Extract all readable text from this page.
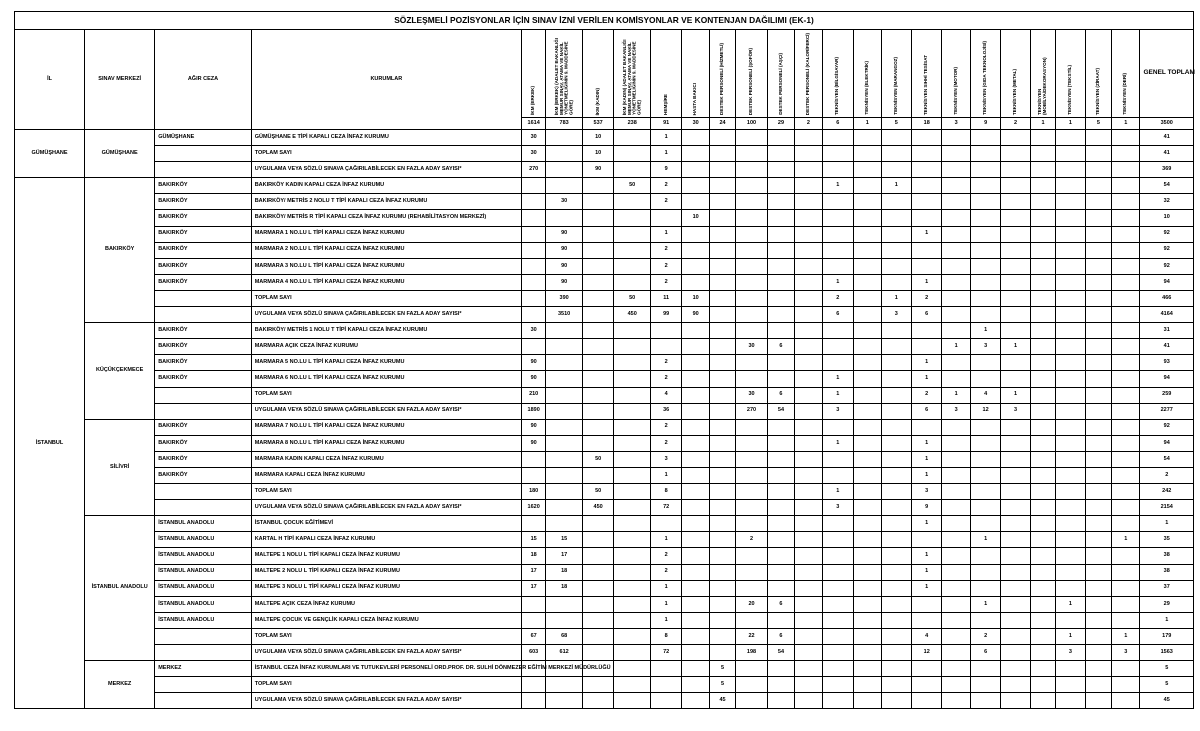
SÖZLEŞMELİ POZİSYONLAR İÇİN SINAV İZNİ VERİLEN KOMİSYONLAR VE KONTENJAN DAĞILIMI (EK-1)																									
İL	SINAV MERKEZİ	AĞIR CEZA	KURUMLAR	İKM (ERKEK)	İKM (ERKEK) (ADALET BAKANLIĞI MEMUR SINAV, ATAMA VE NAKİL YÖNETMELİĞİNİN 9. MADDESİNE GÖRE)	İKM (KADIN)	İKM (KADIN) (ADALET BAKANLIĞI MEMUR SINAV, ATAMA VE NAKİL YÖNETMELİĞİNİN 9. MADDESİNE GÖRE)	HEMŞİRE	HASTA BAKICI	DESTEK PERSONELİ (HİZMETLİ)	DESTEK PERSONELİ (ŞOFÖR)	DESTEK PERSONELİ (AŞÇI)	DESTEK PERSONELİ (KALORİFERCİ)	TEKNİSYEN (BİLGİSAYAR)	TEKNİSYEN (ELEKTRİK)	TEKNİSYEN (MARANGOZ)	TEKNİSYEN SIHHİ TESİSAT	TEKNİSYEN (MOTOR)	TEKNİSYEN (GIDA TEKNOLOJİSİ)	TEKNİSYEN (METAL)	TEKNİSYEN (MOBİLYA/DEKORASYON)	TEKNİSYEN (TEKSTİL)	TEKNİSYEN (ZİRAAT)	TEKNİSYEN (DERİ)	GENEL TOPLAM
				1614	783	537	238	91	30	24	100	29	2	6	1	5	18	3	9	2	1	1	5	1	3500
GÜMÜŞHANE	GÜMÜŞHANE	GÜMÜŞHANE	GÜMÜŞHANE E TİPİ KAPALI CEZA İNFAZ KURUMU	30		10		1																	41
			TOPLAM SAYI	30		10		1																	41
			UYGULAMA VEYA SÖZLÜ SINAVA ÇAĞIRILABİLECEK EN FAZLA ADAY SAYISI*	270		90		9																	369
İSTANBUL	BAKIRKÖY	BAKIRKÖY	BAKIRKÖY KADIN KAPALI CEZA İNFAZ KURUMU				50	2						1		1									54
		BAKIRKÖY	BAKIRKÖY/ METRİS 2 NOLU T TİPİ KAPALI CEZA İNFAZ KURUMU		30			2																	32
		BAKIRKÖY	BAKIRKÖY/ METRİS R TİPİ KAPALI CEZA İNFAZ KURUMU (REHABİLİTASYON MERKEZİ)						10																10
		BAKIRKÖY	MARMARA 1 NO.LU L TİPİ KAPALI CEZA İNFAZ KURUMU		90			1									1								92
		BAKIRKÖY	MARMARA 2 NO.LU L TİPİ KAPALI CEZA İNFAZ KURUMU		90			2																	92
		BAKIRKÖY	MARMARA 3 NO.LU L TİPİ KAPALI CEZA İNFAZ KURUMU		90			2																	92
		BAKIRKÖY	MARMARA 4 NO.LU L TİPİ KAPALI CEZA İNFAZ KURUMU		90			2						1			1								94
			TOPLAM SAYI		390		50	11	10					2		1	2								466
			UYGULAMA VEYA SÖZLÜ SINAVA ÇAĞIRILABİLECEK EN FAZLA ADAY SAYISI*		3510		450	99	90					6		3	6								4164
	KÜÇÜKÇEKMECE	BAKIRKÖY	BAKIRKÖY/ METRİS 1 NOLU T TİPİ KAPALI CEZA İNFAZ KURUMU	30															1						31
		BAKIRKÖY	MARMARA AÇIK CEZA İNFAZ KURUMU								30	6						1	3	1					41
		BAKIRKÖY	MARMARA 5 NO.LU L TİPİ KAPALI CEZA İNFAZ KURUMU	90				2									1								93
		BAKIRKÖY	MARMARA 6 NO.LU L TİPİ KAPALI CEZA İNFAZ KURUMU	90				2						1			1								94
			TOPLAM SAYI	210				4			30	6		1			2	1	4	1					259
			UYGULAMA VEYA SÖZLÜ SINAVA ÇAĞIRILABİLECEK EN FAZLA ADAY SAYISI*	1890				36			270	54		3			6	3	12	3					2277
	SİLİVRİ	BAKIRKÖY	MARMARA 7 NO.LU L TİPİ KAPALI CEZA İNFAZ KURUMU	90				2																	92
		BAKIRKÖY	MARMARA 8 NO.LU L TİPİ KAPALI CEZA İNFAZ KURUMU	90				2						1			1								94
		BAKIRKÖY	MARMARA KADIN KAPALI CEZA İNFAZ KURUMU			50		3									1								54
		BAKIRKÖY	MARMARA KAPALI CEZA İNFAZ KURUMU					1									1								2
			TOPLAM SAYI	180		50		8						1			3								242
			UYGULAMA VEYA SÖZLÜ SINAVA ÇAĞIRILABİLECEK EN FAZLA ADAY SAYISI*	1620		450		72						3			9								2154
	İSTANBUL ANADOLU	İSTANBUL ANADOLU	İSTANBUL ÇOCUK EĞİTİMEVİ														1								1
		İSTANBUL ANADOLU	KARTAL H TİPİ KAPALI CEZA İNFAZ KURUMU	15	15			1			2								1					1	35
		İSTANBUL ANADOLU	MALTEPE 1 NOLU L TİPİ KAPALI CEZA İNFAZ KURUMU	18	17			2									1								38
		İSTANBUL ANADOLU	MALTEPE 2 NOLU L TİPİ KAPALI CEZA İNFAZ KURUMU	17	18			2									1								38
		İSTANBUL ANADOLU	MALTEPE 3 NOLU L TİPİ KAPALI CEZA İNFAZ KURUMU	17	18			1									1								37
		İSTANBUL ANADOLU	MALTEPE AÇIK CEZA İNFAZ KURUMU					1			20	6							1			1			29
		İSTANBUL ANADOLU	MALTEPE ÇOCUK VE GENÇLİK KAPALI CEZA İNFAZ KURUMU					1																	1
			TOPLAM SAYI	67	68			8			22	6					4		2			1		1	179
			UYGULAMA VEYA SÖZLÜ SINAVA ÇAĞIRILABİLECEK EN FAZLA ADAY SAYISI*	603	612			72			198	54					12		6			3		3	1563
	MERKEZ	MERKEZ	İSTANBUL CEZA İNFAZ KURUMLARI VE TUTUKEVLERİ PERSONELİ ORD.PROF. DR. SULHİ DÖNMEZER EĞİTİM MERKEZİ MÜDÜRLÜĞÜ							5															5
			TOPLAM SAYI							5															5
			UYGULAMA VEYA SÖZLÜ SINAVA ÇAĞIRILABİLECEK EN FAZLA ADAY SAYISI*							45															45
